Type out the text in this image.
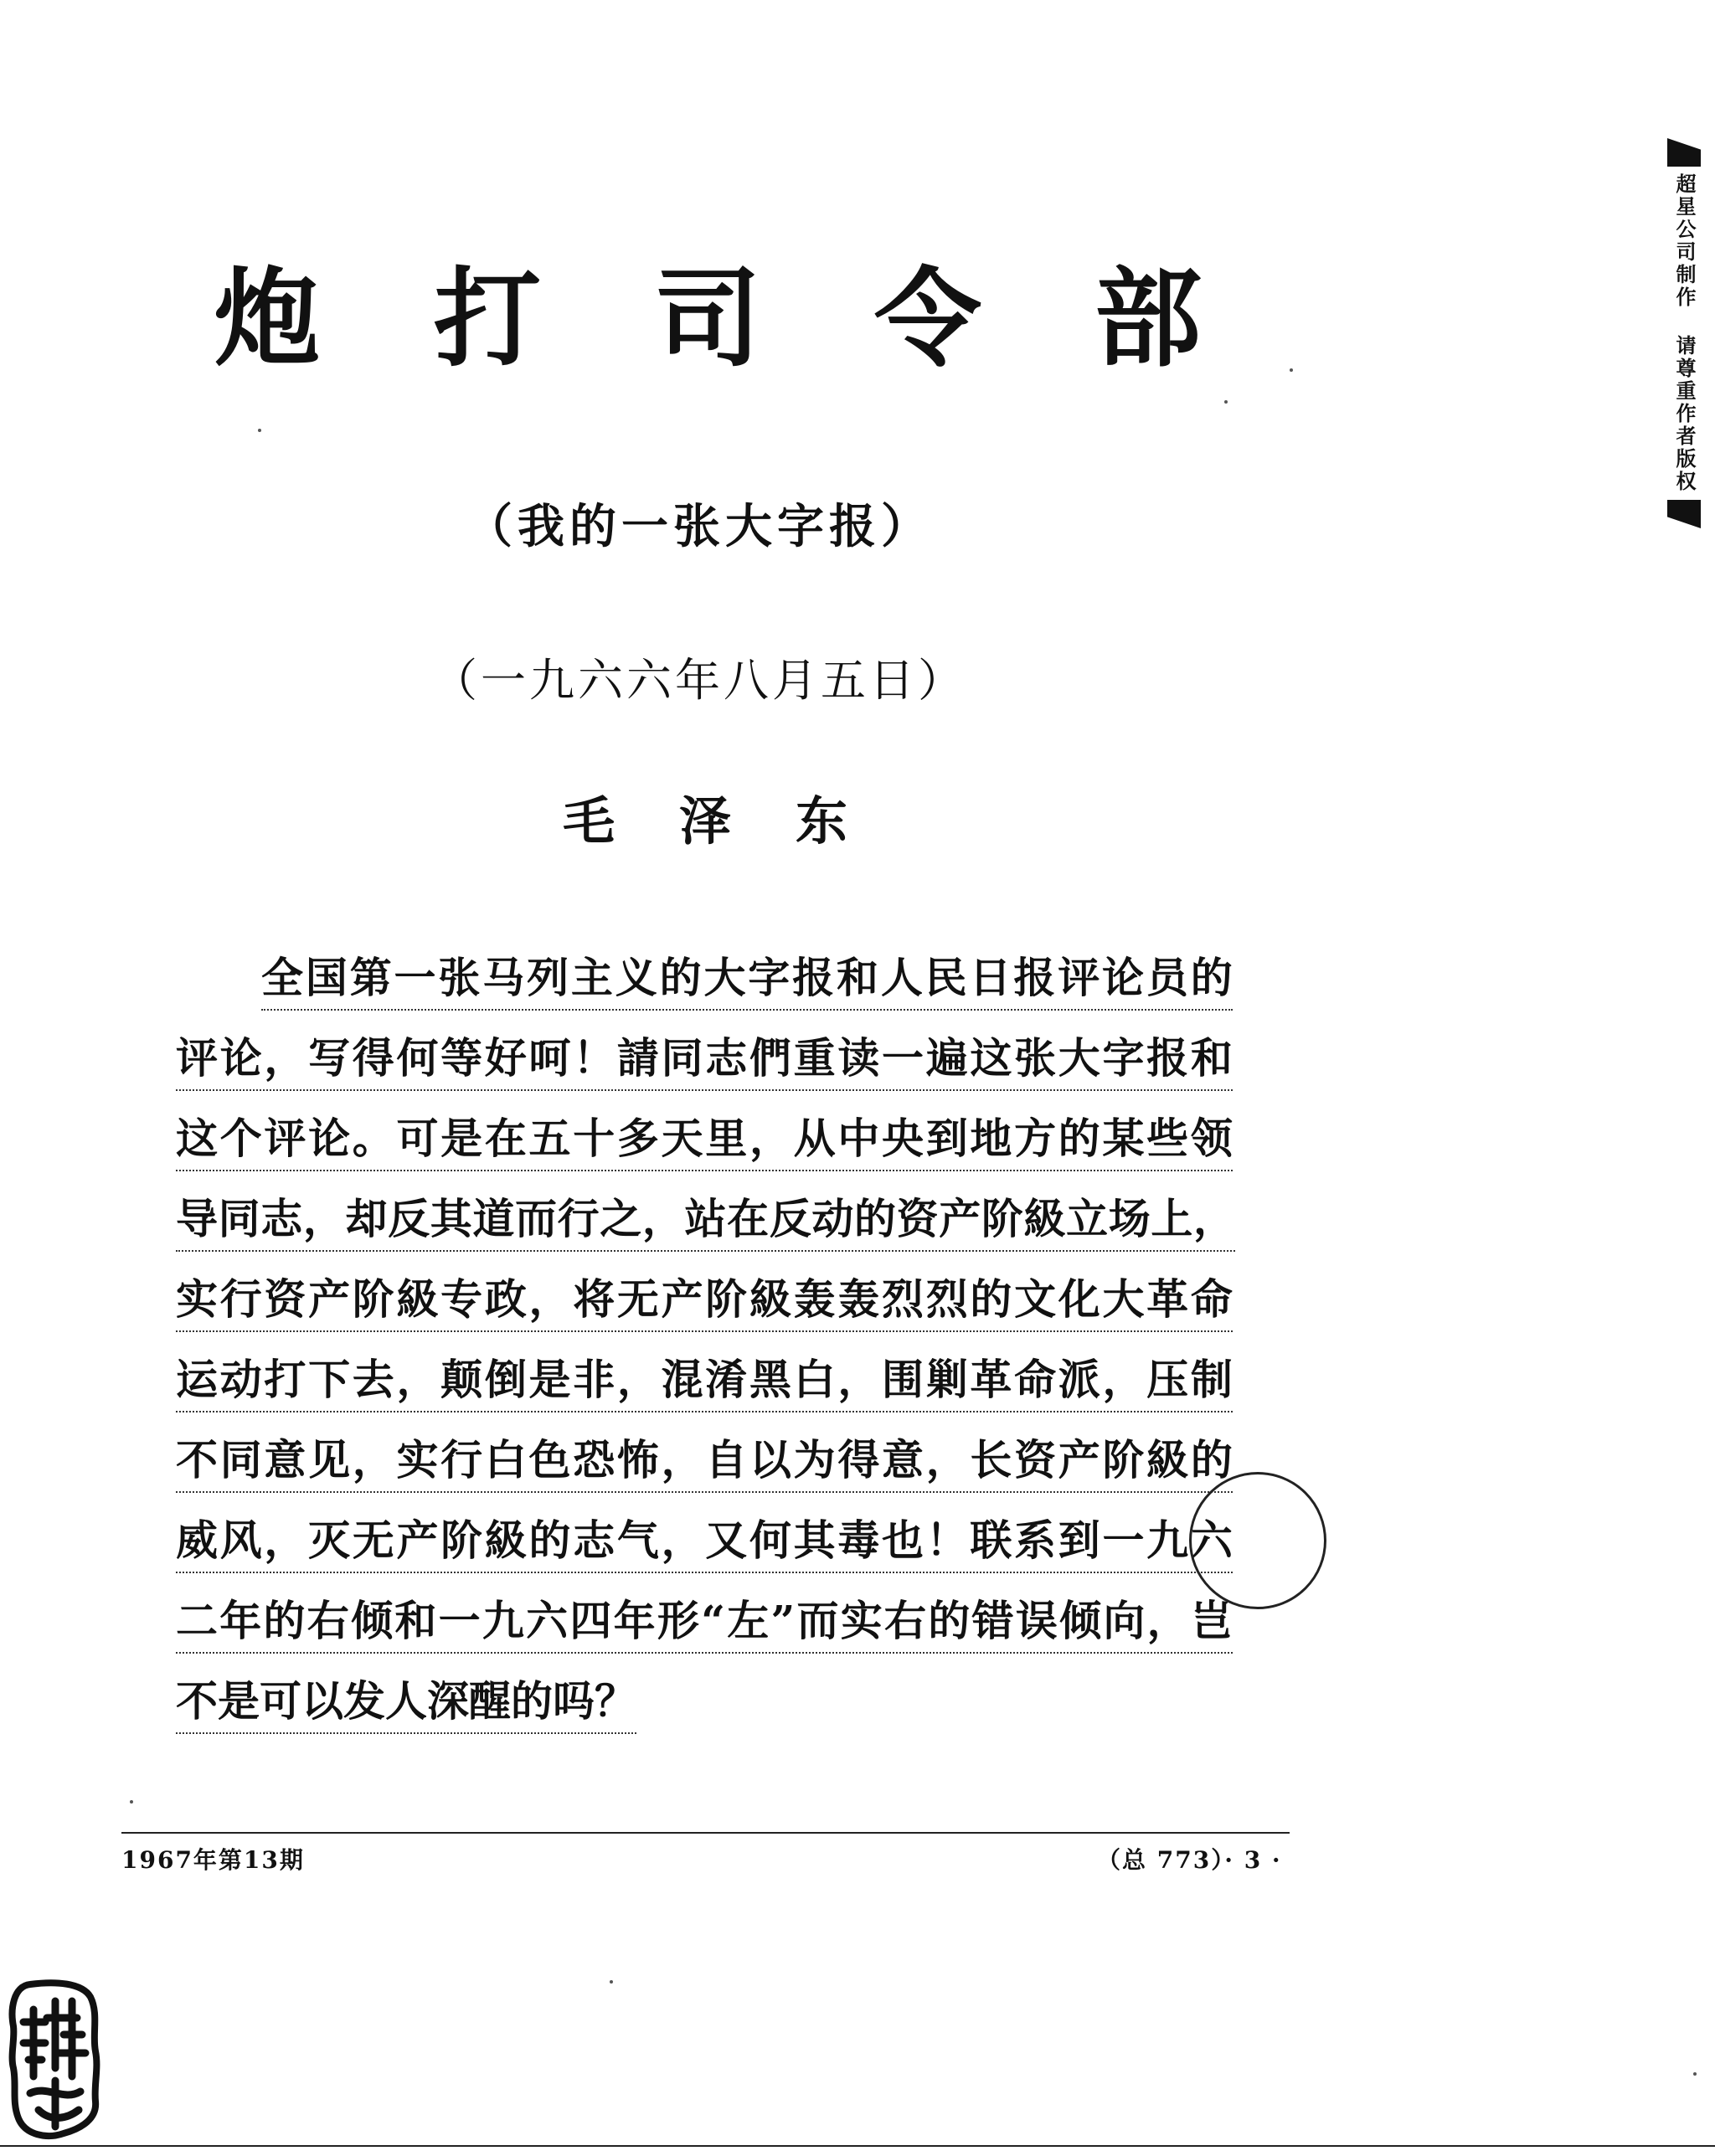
炮 打 司 令 部
（我的一张大字报）
（一九六六年八月五日）
毛 泽 东
全 国 第 一 张 马 列 主 义 的 大 字 报 和 人 民 日 报 评 论 员 的
评 论 ， 写 得 何 等 好 呵 ！ 請 同 志 們 重 读 一 遍 这 张 大 字 报 和
这 个 评 论 。 可 是 在 五 十 多 天 里 ， 从 中 央 到 地 方 的 某 些 领
导 同 志 ， 却 反 其 道 而 行 之 ， 站 在 反 动 的 资 产 阶 級 立 场 上 ，
实 行 资 产 阶 級 专 政 ， 将 无 产 阶 級 轰 轰 烈 烈 的 文 化 大 革 命
运 动 打 下 去 ， 颠 倒 是 非 ， 混 淆 黑 白 ， 围 剿 革 命 派 ， 压 制
不 同 意 见 ， 实 行 白 色 恐 怖 ， 自 以 为 得 意 ， 长 资 产 阶 級 的
威 风 ， 灭 无 产 阶 級 的 志 气 ， 又 何 其 毒 也 ！ 联 系 到 一 九 六
二 年 的 右 倾 和 一 九 六 四 年 形 “ 左 ” 而 实 右 的 错 误 倾 向 ， 岂
不 是 可 以 发 人 深 醒 的 吗 ？
1967年第13期	（总 773）· 3 ·
超星公司制作 请尊重作者版权
